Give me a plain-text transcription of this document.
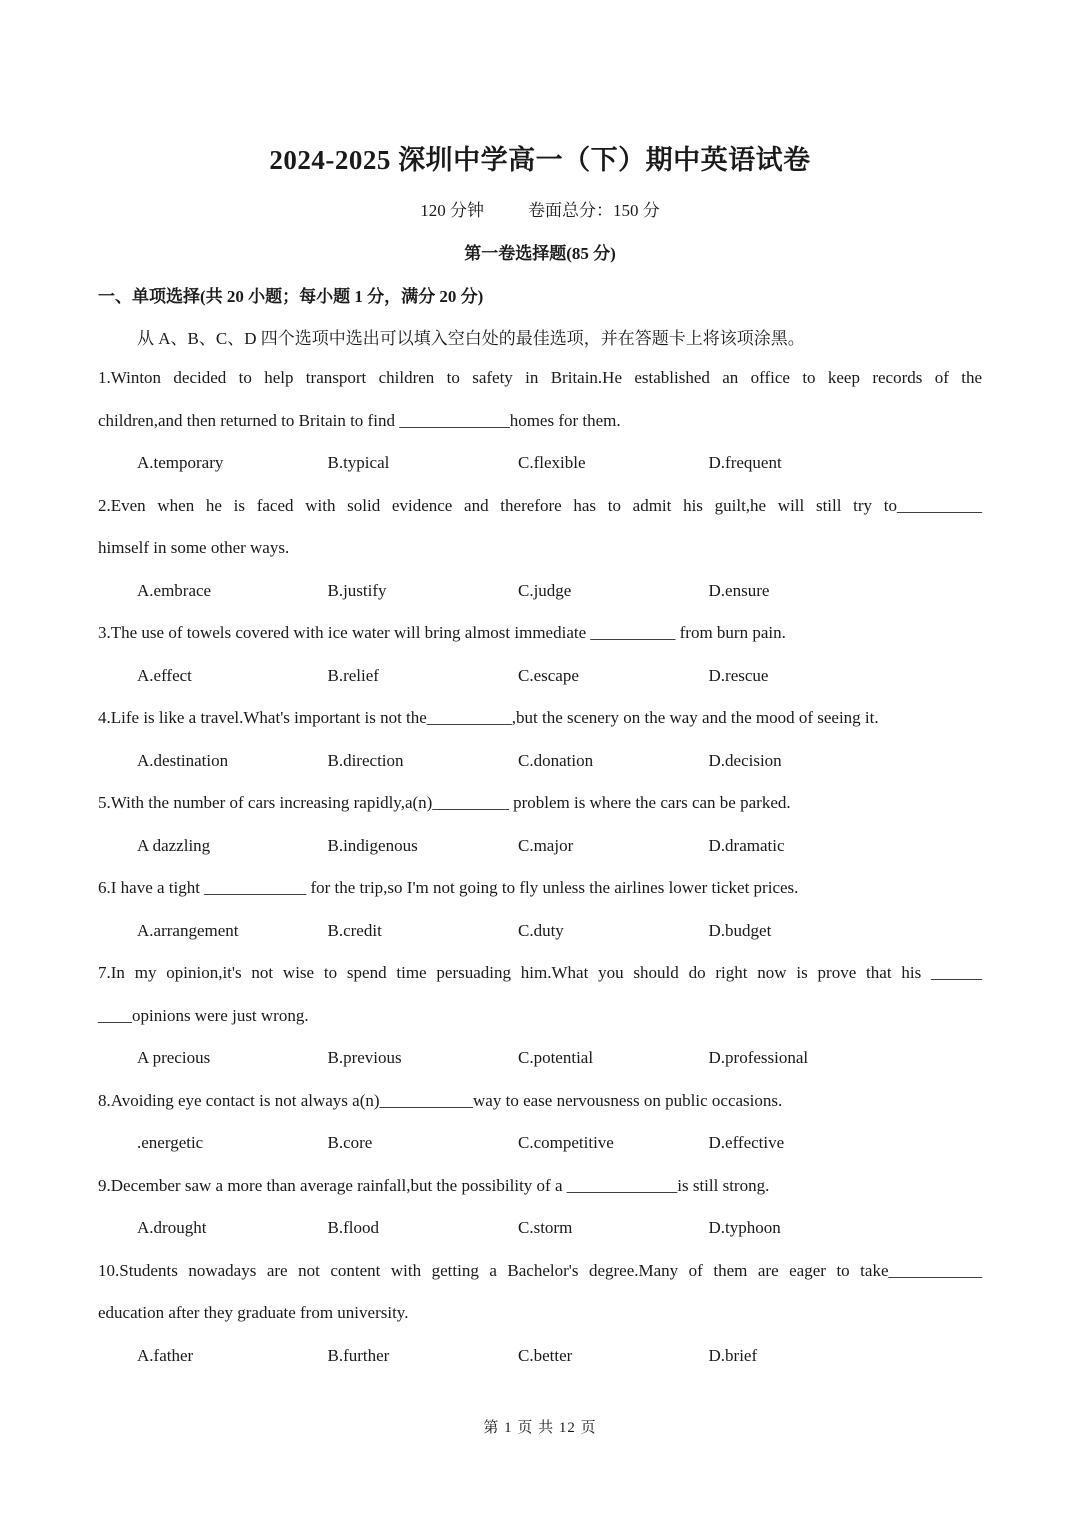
2024-2025 深圳中学高一（下）期中英语试卷
120 分钟	卷面总分：150 分
第一卷选择题(85 分)
一、单项选择(共 20 小题；每小题 1 分，满分 20 分)
从 A、B、C、D 四个选项中选出可以填入空白处的最佳选项，并在答题卡上将该项涂黑。
1.Winton decided to help transport children to safety in Britain.He established an office to keep records of the
children,and then returned to Britain to find _____________homes for them.
A.temporary	B.typical	C.flexible	D.frequent
2.Even when he is faced with solid evidence and therefore has to admit his guilt,he will still try to__________
himself in some other ways.
A.embrace	B.justify	C.judge	D.ensure
3.The use of towels covered with ice water will bring almost immediate __________ from burn pain.
A.effect	B.relief	C.escape	D.rescue
4.Life is like a travel.What's important is not the__________,but the scenery on the way and the mood of seeing it.
A.destination	B.direction	C.donation	D.decision
5.With the number of cars increasing rapidly,a(n)_________ problem is where the cars can be parked.
A dazzling	B.indigenous	C.major	D.dramatic
6.I have a tight ____________ for the trip,so I'm not going to fly unless the airlines lower ticket prices.
A.arrangement	B.credit	C.duty	D.budget
7.In my opinion,it's not wise to spend time persuading him.What you should do right now is prove that his ______
____opinions were just wrong.
A precious	B.previous	C.potential	D.professional
8.Avoiding eye contact is not always a(n)___________way to ease nervousness on public occasions.
.energetic	B.core	C.competitive	D.effective
9.December saw a more than average rainfall,but the possibility of a _____________is still strong.
A.drought	B.flood	C.storm	D.typhoon
10.Students nowadays are not content with getting a Bachelor's degree.Many of them are eager to take___________
education after they graduate from university.
A.father	B.further	C.better	D.brief
第 1 页 共 12 页
